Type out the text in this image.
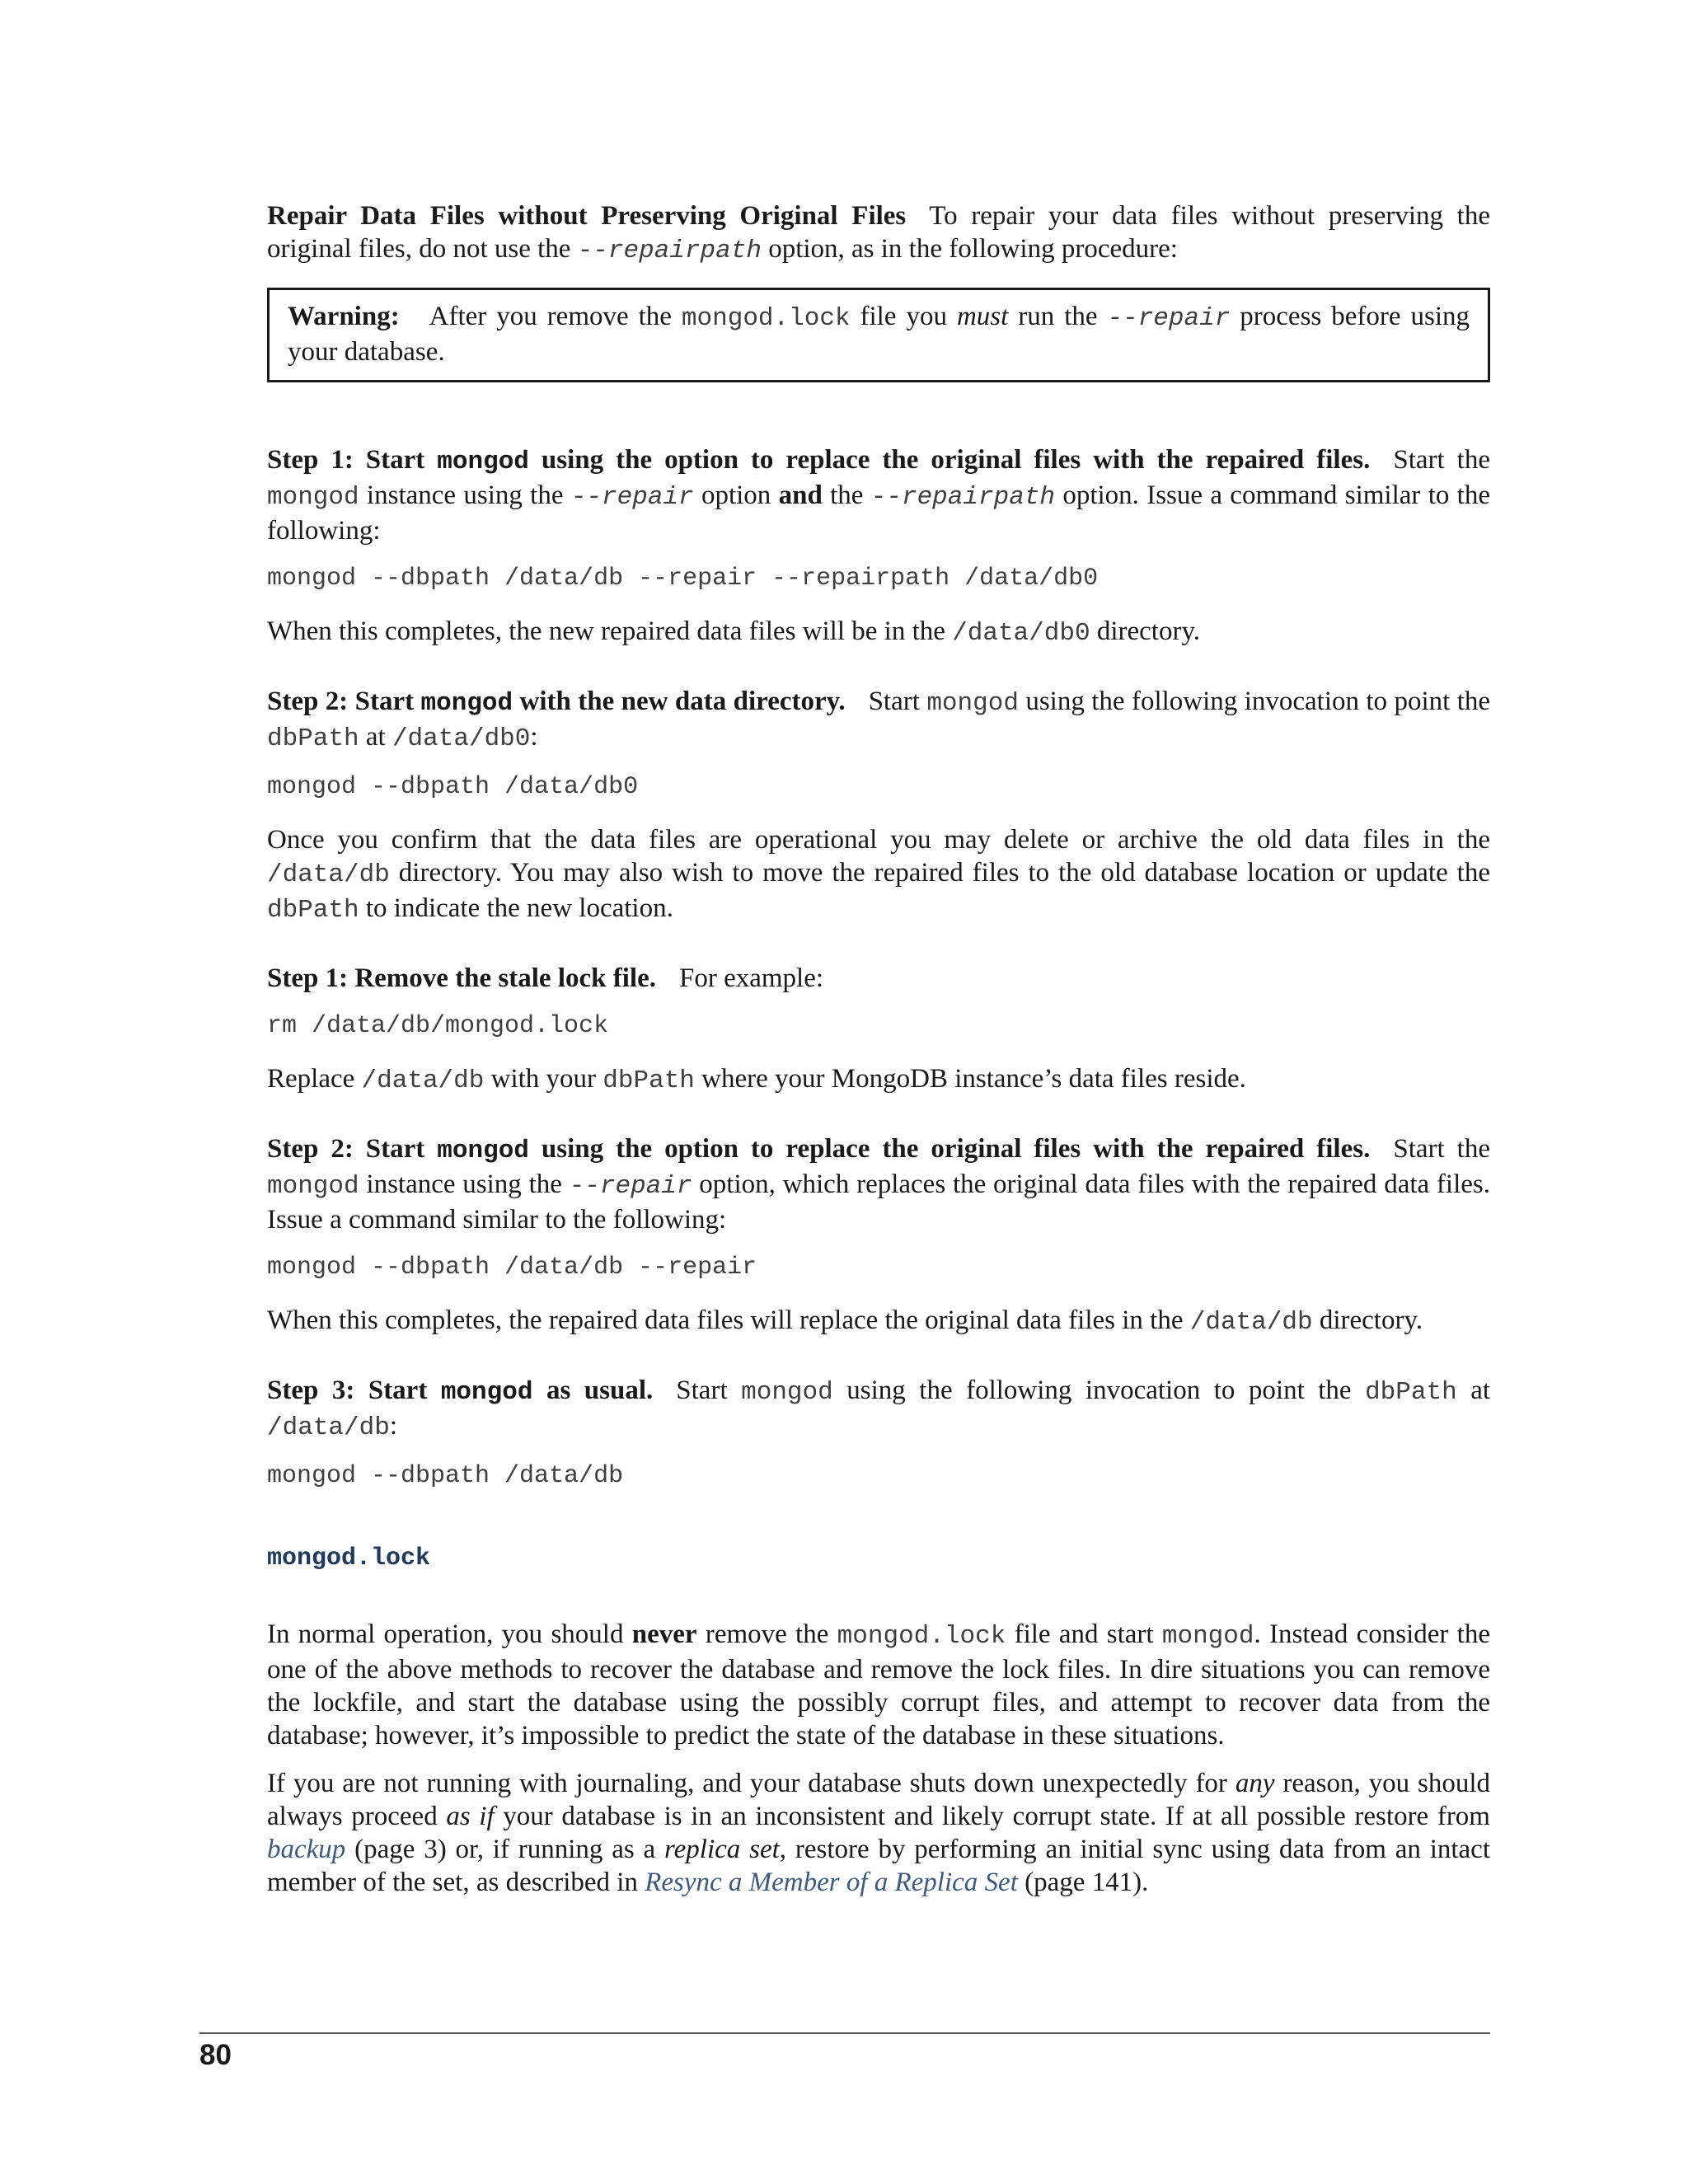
Repair Data Files without Preserving Original Files To repair your data files without preserving the original files, do not use the --repairpath option, as in the following procedure:

Warning: After you remove the mongod.lock file you must run the --repair process before using your database.

Step 1: Start mongod using the option to replace the original files with the repaired files. Start the mongod instance using the --repair option and the --repairpath option. Issue a command similar to the following:

mongod --dbpath /data/db --repair --repairpath /data/db0

When this completes, the new repaired data files will be in the /data/db0 directory.

Step 2: Start mongod with the new data directory. Start mongod using the following invocation to point the dbPath at /data/db0:

mongod --dbpath /data/db0

Once you confirm that the data files are operational you may delete or archive the old data files in the /data/db directory. You may also wish to move the repaired files to the old database location or update the dbPath to indicate the new location.

Step 1: Remove the stale lock file. For example:

rm /data/db/mongod.lock

Replace /data/db with your dbPath where your MongoDB instance’s data files reside.

Step 2: Start mongod using the option to replace the original files with the repaired files. Start the mongod instance using the --repair option, which replaces the original data files with the repaired data files. Issue a command similar to the following:

mongod --dbpath /data/db --repair

When this completes, the repaired data files will replace the original data files in the /data/db directory.

Step 3: Start mongod as usual. Start mongod using the following invocation to point the dbPath at /data/db:

mongod --dbpath /data/db
mongod.lock

In normal operation, you should never remove the mongod.lock file and start mongod. Instead consider the one of the above methods to recover the database and remove the lock files. In dire situations you can remove the lockfile, and start the database using the possibly corrupt files, and attempt to recover data from the database; however, it’s impossible to predict the state of the database in these situations.

If you are not running with journaling, and your database shuts down unexpectedly for any reason, you should always proceed as if your database is in an inconsistent and likely corrupt state. If at all possible restore from backup (page 3) or, if running as a replica set, restore by performing an initial sync using data from an intact member of the set, as described in Resync a Member of a Replica Set (page 141).

80
